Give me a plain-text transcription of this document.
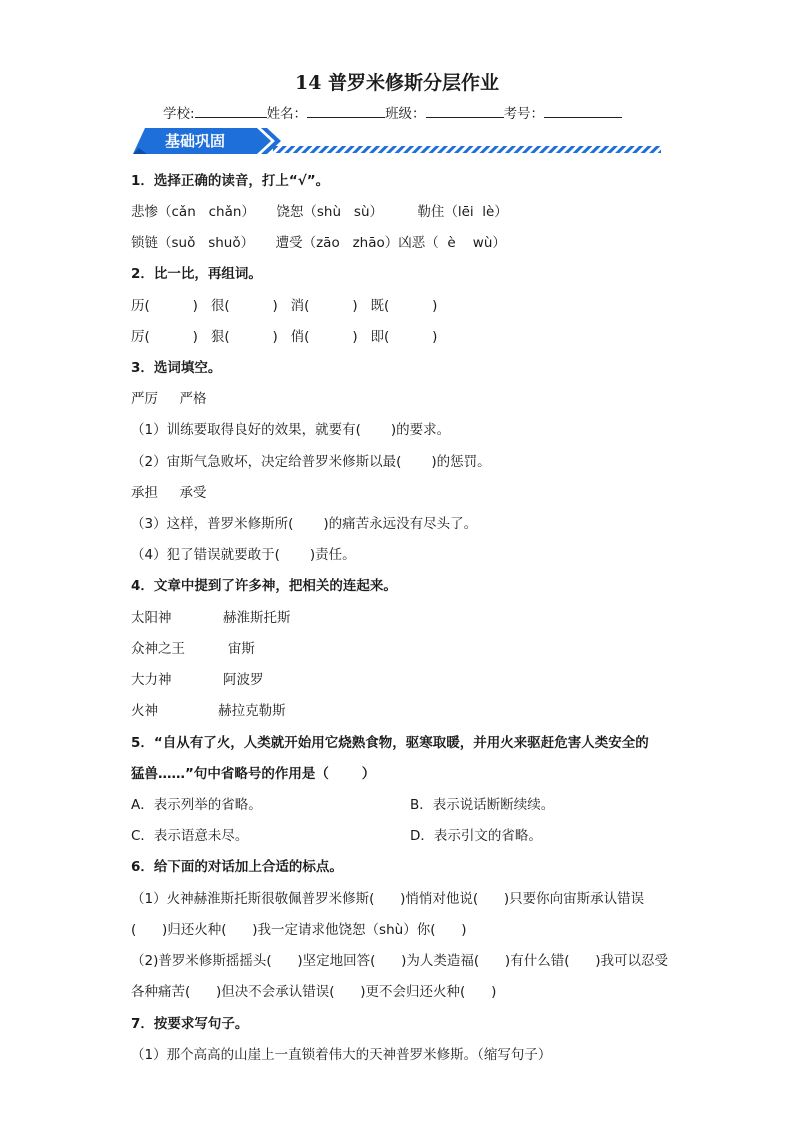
14 普罗米修斯分层作业
学校:	姓名：	班级：	考号：
基础巩固
1．选择正确的读音，打上“√”。
悲惨（cǎn   chǎn）     饶恕（shù   sù）        勒住（lēi  lè）
锁链（suǒ   shuǒ）     遭受（zāo   zhāo）凶恶（  è    wù）
2．比一比，再组词。
历(          )   很(          )   消(          )   既(          )
厉(          )   狠(          )   俏(          )   即(          )
3．选词填空。
严厉     严格
（1）训练要取得良好的效果，就要有(       )的要求。
（2）宙斯气急败坏，决定给普罗米修斯以最(       )的惩罚。
承担     承受
（3）这样，普罗米修斯所(       )的痛苦永远没有尽头了。
（4）犯了错误就要敢于(       )责任。
4．文章中提到了许多神，把相关的连起来。
太阳神            赫淮斯托斯
众神之王          宙斯
大力神            阿波罗
火神              赫拉克勒斯
5．“自从有了火，人类就开始用它烧熟食物，驱寒取暖，并用火来驱赶危害人类安全的
猛兽……”句中省略号的作用是（       ）
A．表示列举的省略。	B．表示说话断断续续。
C．表示语意未尽。	D．表示引文的省略。
6．给下面的对话加上合适的标点。
（1）火神赫淮斯托斯很敬佩普罗米修斯(      )悄悄对他说(      )只要你向宙斯承认错误
(      )归还火种(      )我一定请求他饶恕（shù）你(      )
（2)普罗米修斯摇摇头(      )坚定地回答(      )为人类造福(      )有什么错(      )我可以忍受
各种痛苦(      )但决不会承认错误(      )更不会归还火种(      )
7．按要求写句子。
（1）那个高高的山崖上一直锁着伟大的天神普罗米修斯。（缩写句子）
